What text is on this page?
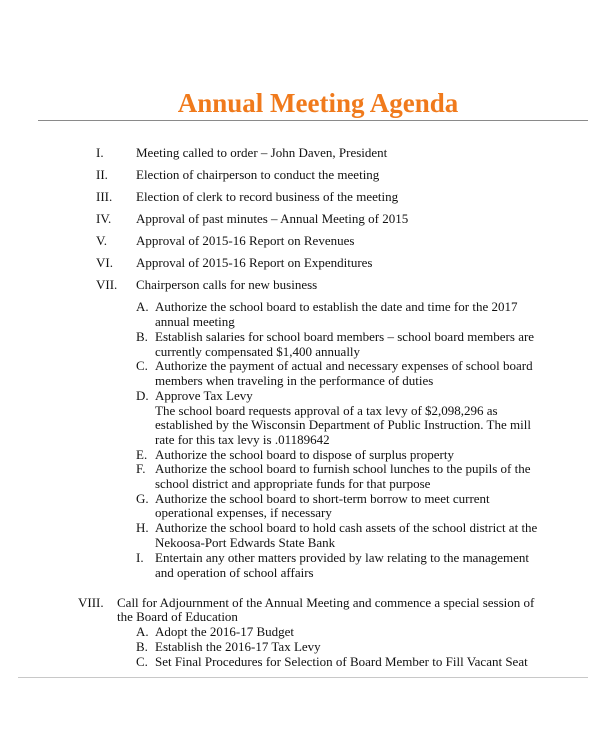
Annual Meeting Agenda
I. Meeting called to order – John Daven, President
II. Election of chairperson to conduct the meeting
III. Election of clerk to record business of the meeting
IV. Approval of past minutes – Annual Meeting of 2015
V. Approval of 2015-16 Report on Revenues
VI. Approval of 2015-16 Report on Expenditures
VII. Chairperson calls for new business
A. Authorize the school board to establish the date and time for the 2017
annual meeting
B. Establish salaries for school board members – school board members are
currently compensated $1,400 annually
C. Authorize the payment of actual and necessary expenses of school board
members when traveling in the performance of duties
D. Approve Tax Levy
The school board requests approval of a tax levy of $2,098,296 as
established by the Wisconsin Department of Public Instruction. The mill
rate for this tax levy is .01189642
E. Authorize the school board to dispose of surplus property
F. Authorize the school board to furnish school lunches to the pupils of the
school district and appropriate funds for that purpose
G. Authorize the school board to short-term borrow to meet current
operational expenses, if necessary
H. Authorize the school board to hold cash assets of the school district at the
Nekoosa-Port Edwards State Bank
I. Entertain any other matters provided by law relating to the management
and operation of school affairs
VIII. Call for Adjournment of the Annual Meeting and commence a special session of
the Board of Education
A. Adopt the 2016-17 Budget
B. Establish the 2016-17 Tax Levy
C. Set Final Procedures for Selection of Board Member to Fill Vacant Seat
